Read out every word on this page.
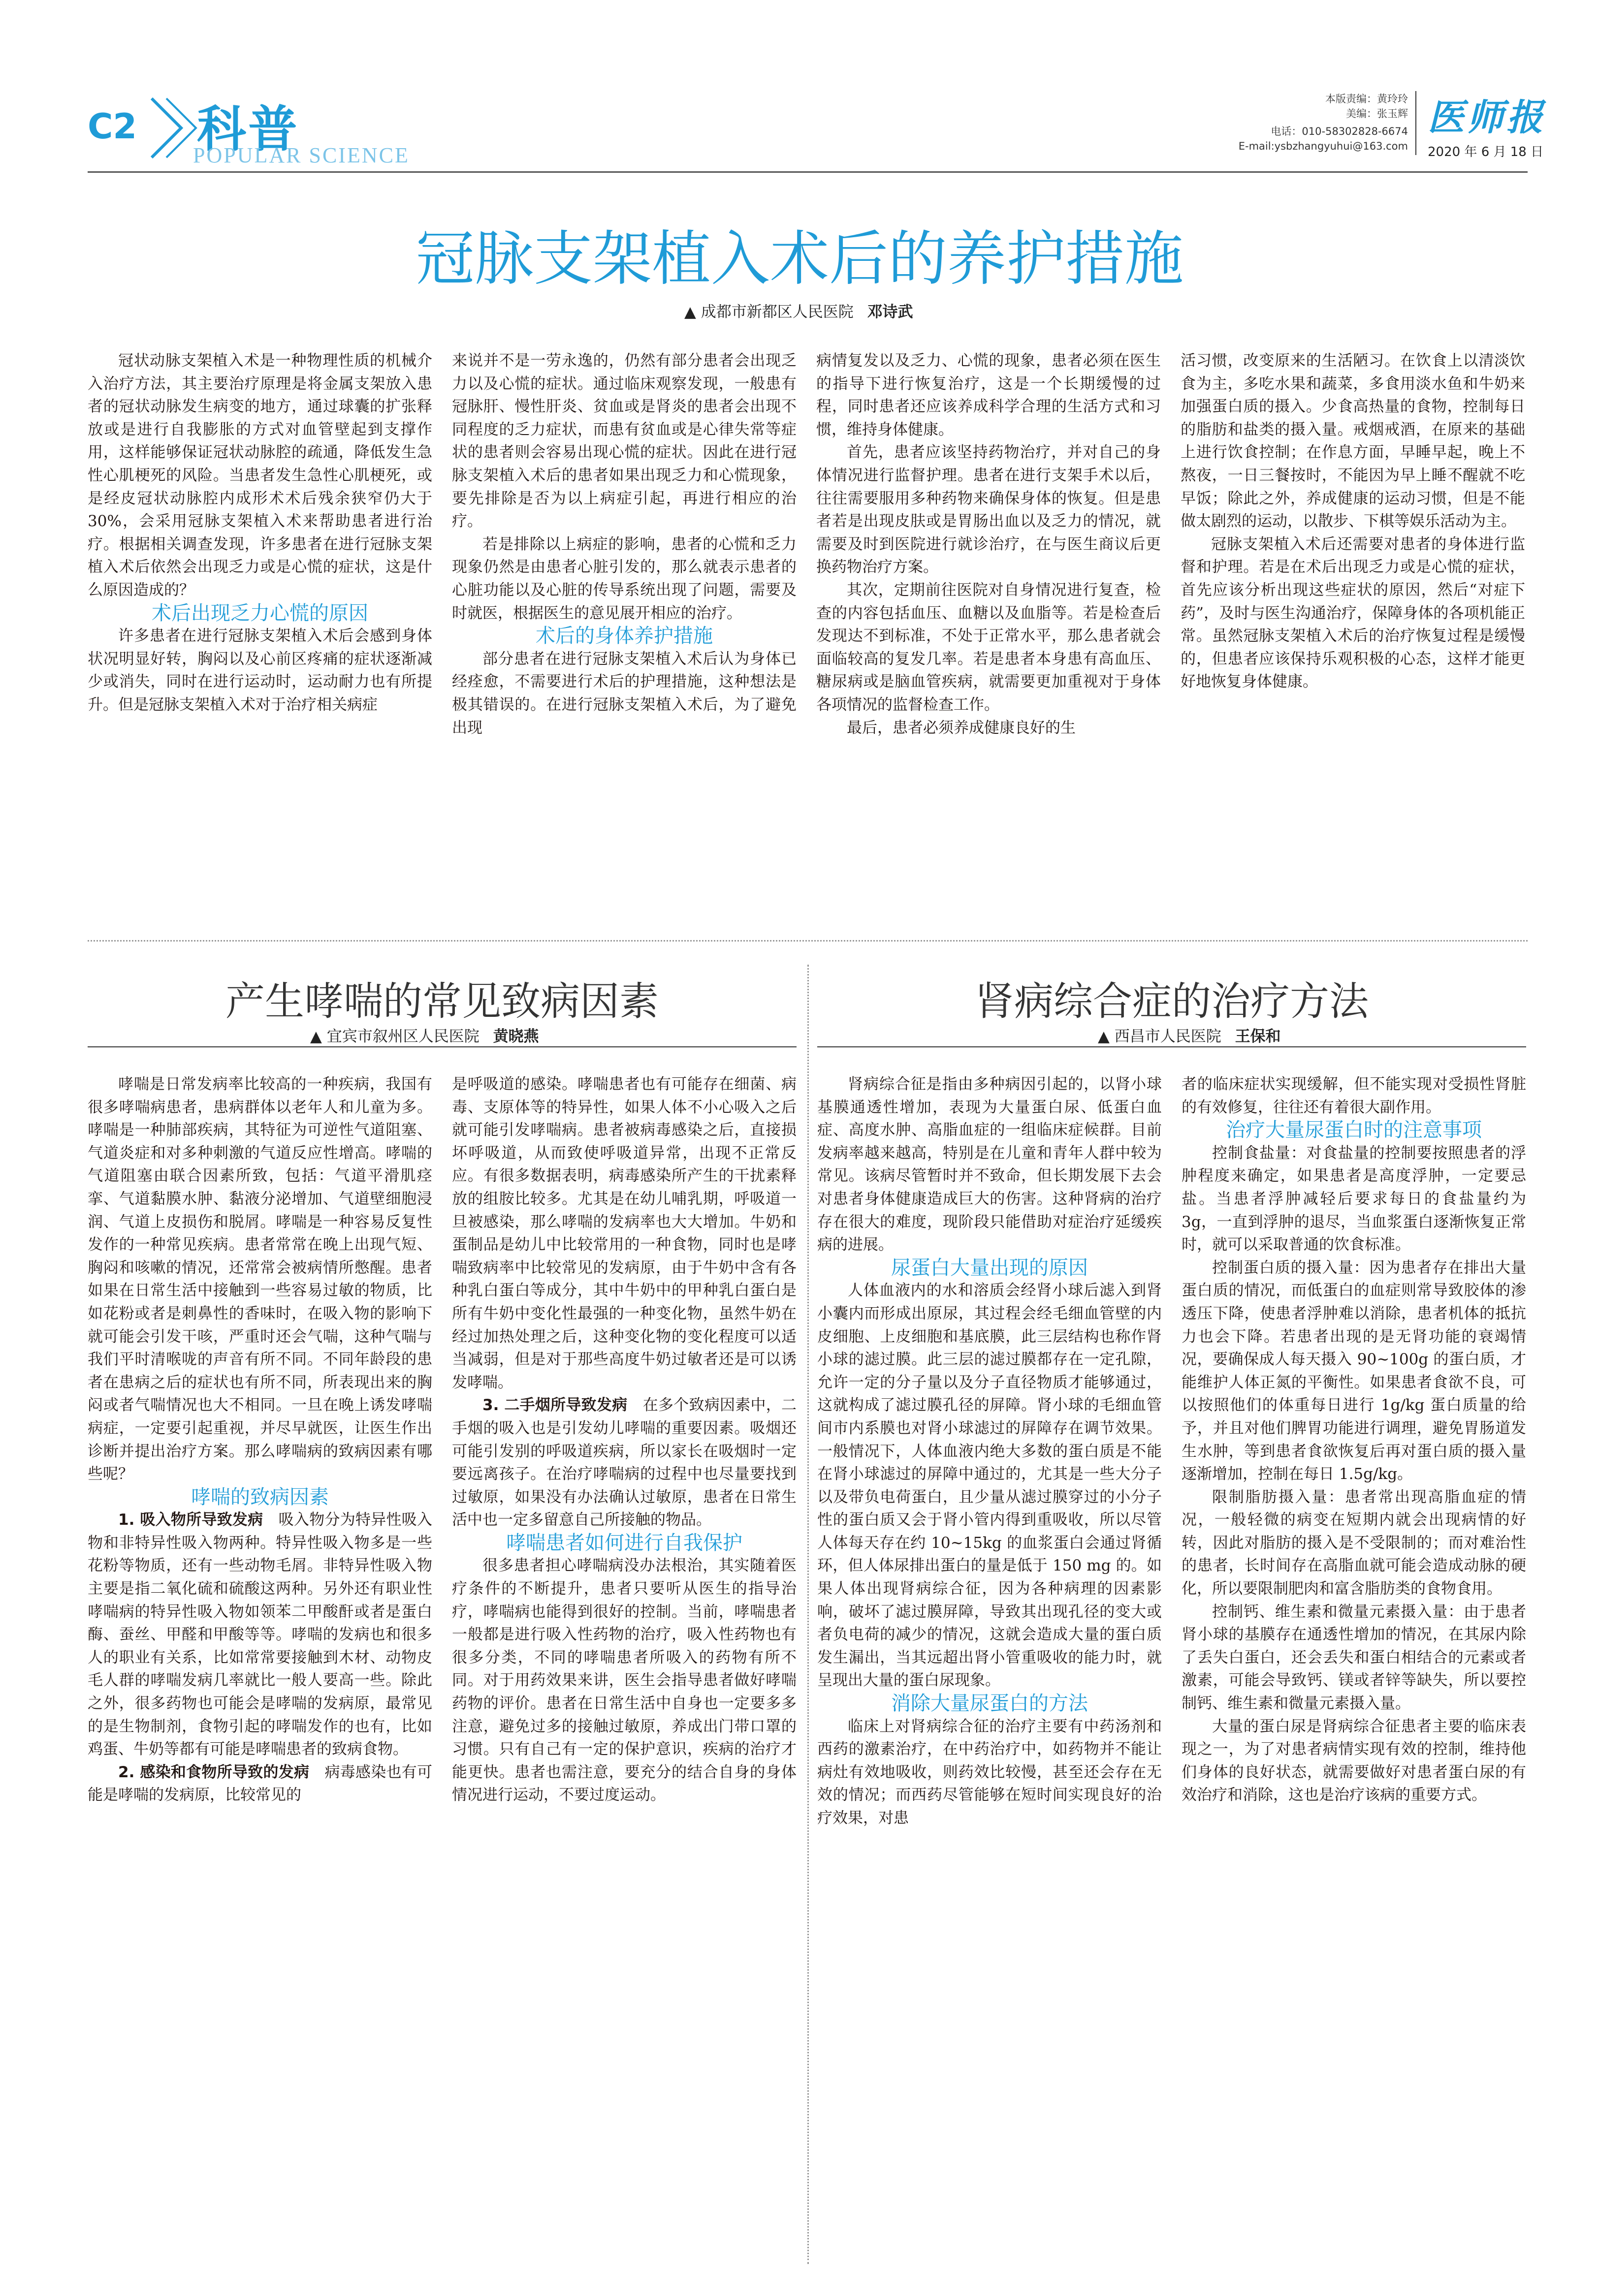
C2 科普
POPULAR SCIENCE
本版责编：黄玲玲
美编：张玉辉
电话：010-58302828-6674
E-mail:ysbzhangyuhui@163.com
医师报
2020 年 6 月 18 日
冠脉支架植入术后的养护措施
▲ 成都市新都区人民医院 邓诗武

冠状动脉支架植入术是一种物理性质的机械介入治疗方法，其主要治疗原理是将金属支架放入患者的冠状动脉发生病变的地方，通过球囊的扩张释放或是进行自我膨胀的方式对血管壁起到支撑作用，这样能够保证冠状动脉腔的疏通，降低发生急性心肌梗死的风险。当患者发生急性心肌梗死，或是经皮冠状动脉腔内成形术术后残余狭窄仍大于30%，会采用冠脉支架植入术来帮助患者进行治疗。根据相关调查发现，许多患者在进行冠脉支架植入术后依然会出现乏力或是心慌的症状，这是什么原因造成的？

术后出现乏力心慌的原因

许多患者在进行冠脉支架植入术后会感到身体状况明显好转，胸闷以及心前区疼痛的症状逐渐减少或消失，同时在进行运动时，运动耐力也有所提升。但是冠脉支架植入术对于治疗相关病症

来说并不是一劳永逸的，仍然有部分患者会出现乏力以及心慌的症状。通过临床观察发现，一般患有冠脉肝、慢性肝炎、贫血或是肾炎的患者会出现不同程度的乏力症状，而患有贫血或是心律失常等症状的患者则会容易出现心慌的症状。因此在进行冠脉支架植入术后的患者如果出现乏力和心慌现象，要先排除是否为以上病症引起，再进行相应的治疗。

若是排除以上病症的影响，患者的心慌和乏力现象仍然是由患者心脏引发的，那么就表示患者的心脏功能以及心脏的传导系统出现了问题，需要及时就医，根据医生的意见展开相应的治疗。

术后的身体养护措施

部分患者在进行冠脉支架植入术后认为身体已经痊愈，不需要进行术后的护理措施，这种想法是极其错误的。在进行冠脉支架植入术后，为了避免出现

病情复发以及乏力、心慌的现象，患者必须在医生的指导下进行恢复治疗，这是一个长期缓慢的过程，同时患者还应该养成科学合理的生活方式和习惯，维持身体健康。

首先，患者应该坚持药物治疗，并对自己的身体情况进行监督护理。患者在进行支架手术以后，往往需要服用多种药物来确保身体的恢复。但是患者若是出现皮肤或是胃肠出血以及乏力的情况，就需要及时到医院进行就诊治疗，在与医生商议后更换药物治疗方案。

其次，定期前往医院对自身情况进行复查，检查的内容包括血压、血糖以及血脂等。若是检查后发现达不到标准，不处于正常水平，那么患者就会面临较高的复发几率。若是患者本身患有高血压、糖尿病或是脑血管疾病，就需要更加重视对于身体各项情况的监督检查工作。

最后，患者必须养成健康良好的生

活习惯，改变原来的生活陋习。在饮食上以清淡饮食为主，多吃水果和蔬菜，多食用淡水鱼和牛奶来加强蛋白质的摄入。少食高热量的食物，控制每日的脂肪和盐类的摄入量。戒烟戒酒，在原来的基础上进行饮食控制；在作息方面，早睡早起，晚上不熬夜，一日三餐按时，不能因为早上睡不醒就不吃早饭；除此之外，养成健康的运动习惯，但是不能做太剧烈的运动，以散步、下棋等娱乐活动为主。

冠脉支架植入术后还需要对患者的身体进行监督和护理。若是在术后出现乏力或是心慌的症状，首先应该分析出现这些症状的原因，然后“对症下药”，及时与医生沟通治疗，保障身体的各项机能正常。虽然冠脉支架植入术后的治疗恢复过程是缓慢的，但患者应该保持乐观积极的心态，这样才能更好地恢复身体健康。

产生哮喘的常见致病因素
▲ 宜宾市叙州区人民医院 黄晓燕

哮喘是日常发病率比较高的一种疾病，我国有很多哮喘病患者，患病群体以老年人和儿童为多。哮喘是一种肺部疾病，其特征为可逆性气道阻塞、气道炎症和对多种刺激的气道反应性增高。哮喘的气道阻塞由联合因素所致，包括：气道平滑肌痉挛、气道黏膜水肿、黏液分泌增加、气道壁细胞浸润、气道上皮损伤和脱屑。哮喘是一种容易反复性发作的一种常见疾病。患者常常在晚上出现气短、胸闷和咳嗽的情况，还常常会被病情所憋醒。患者如果在日常生活中接触到一些容易过敏的物质，比如花粉或者是刺鼻性的香味时，在吸入物的影响下就可能会引发干咳，严重时还会气喘，这种气喘与我们平时清喉咙的声音有所不同。不同年龄段的患者在患病之后的症状也有所不同，所表现出来的胸闷或者气喘情况也大不相同。一旦在晚上诱发哮喘病症，一定要引起重视，并尽早就医，让医生作出诊断并提出治疗方案。那么哮喘病的致病因素有哪些呢？

哮喘的致病因素

1. 吸入物所导致发病  吸入物分为特异性吸入物和非特异性吸入物两种。特异性吸入物多是一些花粉等物质，还有一些动物毛屑。非特异性吸入物主要是指二氧化硫和硫酸这两种。另外还有职业性哮喘病的特异性吸入物如领苯二甲酸酐或者是蛋白酶、蚕丝、甲醛和甲酸等等。哮喘的发病也和很多人的职业有关系，比如常常要接触到木材、动物皮毛人群的哮喘发病几率就比一般人要高一些。除此之外，很多药物也可能会是哮喘的发病原，最常见的是生物制剂，食物引起的哮喘发作的也有，比如鸡蛋、牛奶等都有可能是哮喘患者的致病食物。

2. 感染和食物所导致的发病  病毒感染也有可能是哮喘的发病原，比较常见的

是呼吸道的感染。哮喘患者也有可能存在细菌、病毒、支原体等的特异性，如果人体不小心吸入之后就可能引发哮喘病。患者被病毒感染之后，直接损坏呼吸道，从而致使呼吸道异常，出现不正常反应。有很多数据表明，病毒感染所产生的干扰素释放的组胺比较多。尤其是在幼儿哺乳期，呼吸道一旦被感染，那么哮喘的发病率也大大增加。牛奶和蛋制品是幼儿中比较常用的一种食物，同时也是哮喘致病率中比较常见的发病原，由于牛奶中含有各种乳白蛋白等成分，其中牛奶中的甲种乳白蛋白是所有牛奶中变化性最强的一种变化物，虽然牛奶在经过加热处理之后，这种变化物的变化程度可以适当减弱，但是对于那些高度牛奶过敏者还是可以诱发哮喘。

3. 二手烟所导致发病  在多个致病因素中，二手烟的吸入也是引发幼儿哮喘的重要因素。吸烟还可能引发别的呼吸道疾病，所以家长在吸烟时一定要远离孩子。在治疗哮喘病的过程中也尽量要找到过敏原，如果没有办法确认过敏原，患者在日常生活中也一定多留意自己所接触的物品。

哮喘患者如何进行自我保护

很多患者担心哮喘病没办法根治，其实随着医疗条件的不断提升，患者只要听从医生的指导治疗，哮喘病也能得到很好的控制。当前，哮喘患者一般都是进行吸入性药物的治疗，吸入性药物也有很多分类，不同的哮喘患者所吸入的药物有所不同。对于用药效果来讲，医生会指导患者做好哮喘药物的评价。患者在日常生活中自身也一定要多多注意，避免过多的接触过敏原，养成出门带口罩的习惯。只有自己有一定的保护意识，疾病的治疗才能更快。患者也需注意，要充分的结合自身的身体情况进行运动，不要过度运动。

肾病综合症的治疗方法
▲ 西昌市人民医院 王保和

肾病综合征是指由多种病因引起的，以肾小球基膜通透性增加，表现为大量蛋白尿、低蛋白血症、高度水肿、高脂血症的一组临床症候群。目前发病率越来越高，特别是在儿童和青年人群中较为常见。该病尽管暂时并不致命，但长期发展下去会对患者身体健康造成巨大的伤害。这种肾病的治疗存在很大的难度，现阶段只能借助对症治疗延缓疾病的进展。

尿蛋白大量出现的原因

人体血液内的水和溶质会经肾小球后滤入到肾小囊内而形成出原尿，其过程会经毛细血管壁的内皮细胞、上皮细胞和基底膜，此三层结构也称作肾小球的滤过膜。此三层的滤过膜都存在一定孔隙，允许一定的分子量以及分子直径物质才能够通过，这就构成了滤过膜孔径的屏障。肾小球的毛细血管间市内系膜也对肾小球滤过的屏障存在调节效果。一般情况下，人体血液内绝大多数的蛋白质是不能在肾小球滤过的屏障中通过的，尤其是一些大分子以及带负电荷蛋白，且少量从滤过膜穿过的小分子性的蛋白质又会于肾小管内得到重吸收，所以尽管人体每天存在约 10~15kg 的血浆蛋白会通过肾循环，但人体尿排出蛋白的量是低于 150 mg 的。如果人体出现肾病综合征，因为各种病理的因素影响，破坏了滤过膜屏障，导致其出现孔径的变大或者负电荷的减少的情况，这就会造成大量的蛋白质发生漏出，当其远超出肾小管重吸收的能力时，就呈现出大量的蛋白尿现象。

消除大量尿蛋白的方法

临床上对肾病综合征的治疗主要有中药汤剂和西药的激素治疗，在中药治疗中，如药物并不能让病灶有效地吸收，则药效比较慢，甚至还会存在无效的情况；而西药尽管能够在短时间实现良好的治疗效果，对患

者的临床症状实现缓解，但不能实现对受损性肾脏的有效修复，往往还有着很大副作用。

治疗大量尿蛋白时的注意事项

控制食盐量：对食盐量的控制要按照患者的浮肿程度来确定，如果患者是高度浮肿，一定要忌盐。当患者浮肿减轻后要求每日的食盐量约为 3g，一直到浮肿的退尽，当血浆蛋白逐渐恢复正常时，就可以采取普通的饮食标准。

控制蛋白质的摄入量：因为患者存在排出大量蛋白质的情况，而低蛋白的血症则常导致胶体的渗透压下降，使患者浮肿难以消除，患者机体的抵抗力也会下降。若患者出现的是无肾功能的衰竭情况，要确保成人每天摄入 90~100g 的蛋白质，才能维护人体正氮的平衡性。如果患者食欲不良，可以按照他们的体重每日进行 1g/kg 蛋白质量的给予，并且对他们脾胃功能进行调理，避免胃肠道发生水肿，等到患者食欲恢复后再对蛋白质的摄入量逐渐增加，控制在每日 1.5g/kg。

限制脂肪摄入量：患者常出现高脂血症的情况，一般轻微的病变在短期内就会出现病情的好转，因此对脂肪的摄入是不受限制的；而对难治性的患者，长时间存在高脂血就可能会造成动脉的硬化，所以要限制肥肉和富含脂肪类的食物食用。

控制钙、维生素和微量元素摄入量：由于患者肾小球的基膜存在通透性增加的情况，在其尿内除了丢失白蛋白，还会丢失和蛋白相结合的元素或者激素，可能会导致钙、镁或者锌等缺失，所以要控制钙、维生素和微量元素摄入量。

大量的蛋白尿是肾病综合征患者主要的临床表现之一，为了对患者病情实现有效的控制，维持他们身体的良好状态，就需要做好对患者蛋白尿的有效治疗和消除，这也是治疗该病的重要方式。
